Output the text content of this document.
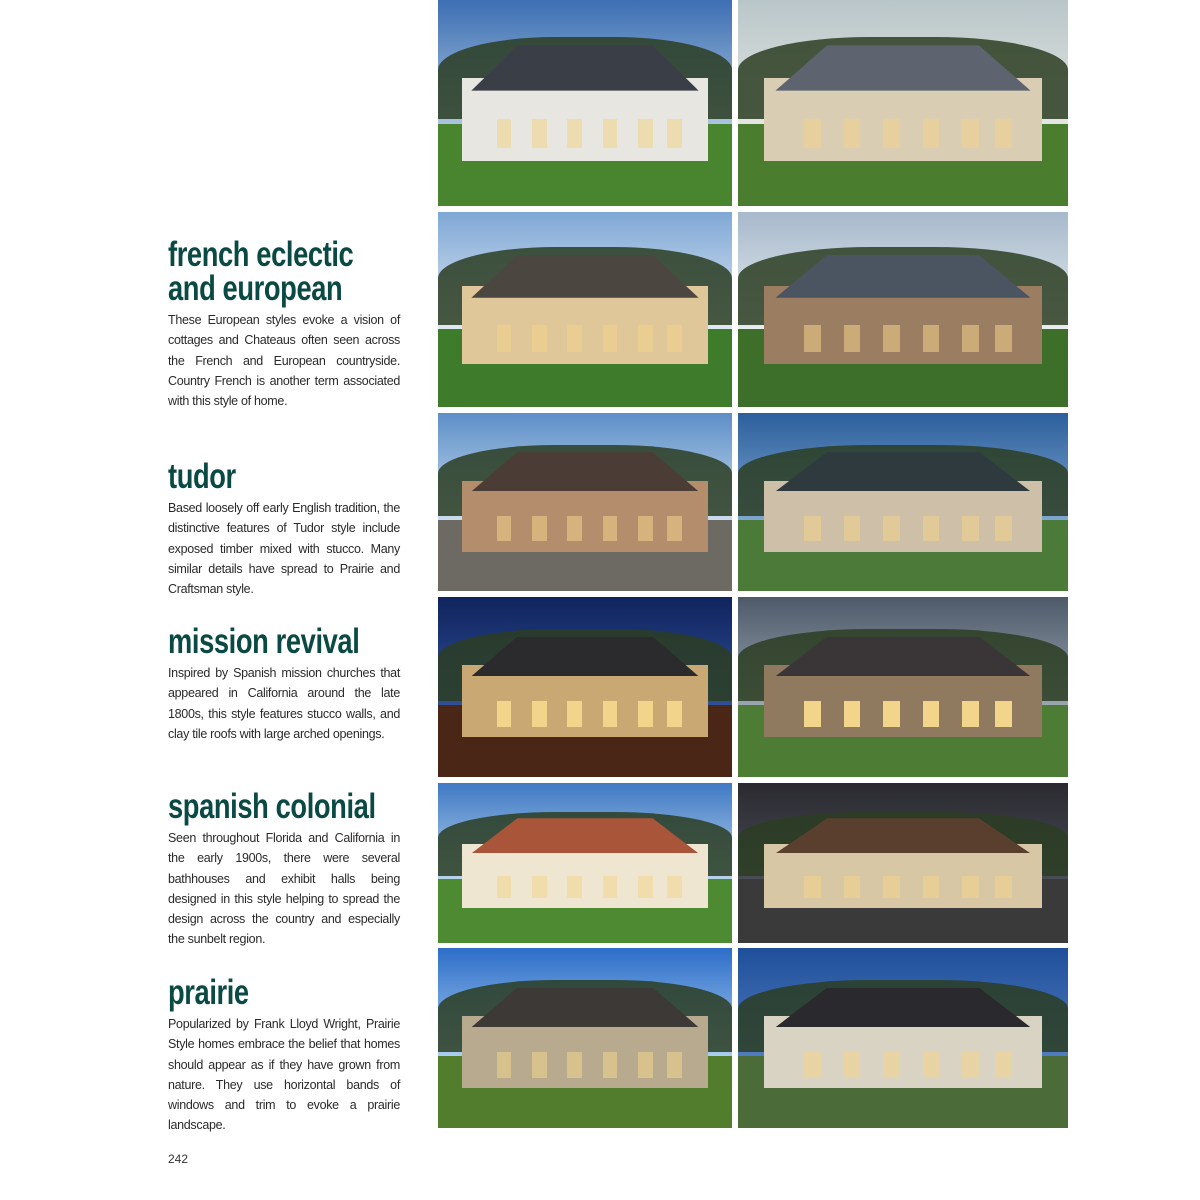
french eclectic
and european

These European styles evoke a vision of cottages and Chateaus often seen across the French and European countryside. Country French is another term associated with this style of home.

tudor

Based loosely off early English tradition, the distinctive features of Tudor style include exposed timber mixed with stucco. Many similar details have spread to Prairie and Craftsman style.

mission revival

Inspired by Spanish mission churches that appeared in California around the late 1800s, this style features stucco walls, and clay tile roofs with large arched openings.

spanish colonial

Seen throughout Florida and California in the early 1900s, there were several bathhouses and exhibit halls being designed in this style helping to spread the design across the country and especially the sunbelt region.

prairie

Popularized by Frank Lloyd Wright, Prairie Style homes embrace the belief that homes should appear as if they have grown from nature. They use horizontal bands of windows and trim to evoke a prairie landscape.

242
